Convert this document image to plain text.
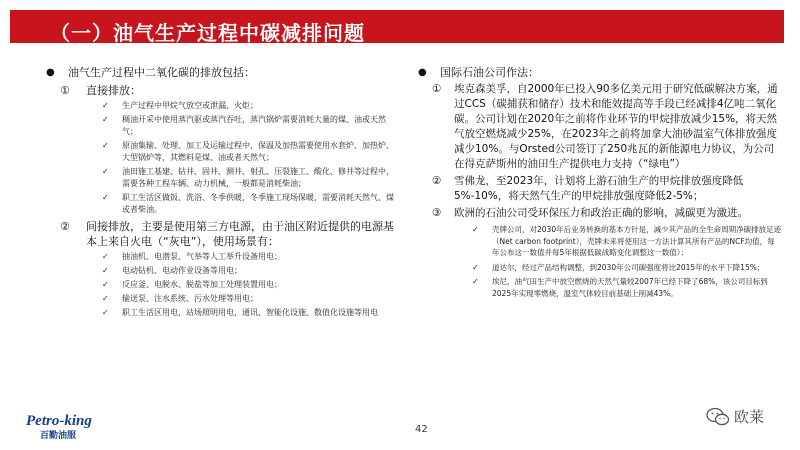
（一）油气生产过程中碳减排问题
●	油气生产过程中二氧化碳的排放包括：
①	直接排放：
✓	生产过程中甲烷气放空或泄漏、火炬；
✓	稠油开采中使用蒸汽驱或蒸汽吞吐，蒸汽锅炉需要消耗大量的煤、油或天然气；
✓	原油集输、处理、加工及运输过程中，保温及加热需要使用水套炉、加热炉、大型锅炉等，其燃料是煤、油或者天然气；
✓	油田施工基建、钻井、固井、测井、射孔、压裂施工、酸化、修井等过程中，需要各种工程车辆、动力机械，一般都是消耗柴油；
✓	职工生活区做饭、洗浴、冬季供暖，冬季施工现场保暖，需要消耗天然气、煤或者柴油。
②	间接排放，主要是使用第三方电源，由于油区附近提供的电源基本上来自火电（“灰电”），使用场景有：
✓	抽油机、电潜泵、气举等人工举升设备用电；
✓	电动钻机、电动作业设备等用电；
✓	反应釜、电脱水、脱盐等加工处理装置用电；
✓	输送泵、注水系统、污水处理等用电；
✓	职工生活区用电，站场照明用电，通讯、智能化设施、数值化设施等用电
●	国际石油公司作法：
①	埃克森美孚，自2000年已投入90多亿美元用于研究低碳解决方案，通过CCS（碳捕获和储存）技术和能效提高等手段已经减排4亿吨二氧化碳。公司计划在2020年之前将作业环节的甲烷排放减少15%，将天然气放空燃烧减少25%，在2023年之前将加拿大油砂温室气体排放强度减少10%。与Orsted公司签订了250兆瓦的新能源电力协议，为公司在得克萨斯州的油田生产提供电力支持（“绿电”）
②	雪佛龙，至2023年，计划将上游石油生产的甲烷排放强度降低5%-10%，将天然气生产的甲烷排放强度降低2-5%；
③	欧洲的石油公司受环保压力和政治正确的影响，减碳更为激进。
✓	壳牌公司，对2030年后业务转换的基本方针是，减少其产品的全生命周期净碳排放足迹（Net carbon footprint），壳牌未来将使用这一方法计算其所有产品的NCF均值，每年公布这一数值并每5年根据低碳战略变化调整这一数值）；
✓	道达尔，经过产品结构调整，到2030年公司碳强度将比2015年的水平下降15%；
✓	埃尼，油气田生产中放空燃烧的天然气量较2007年已经下降了68%，该公司目标到2025年实现零燃烧，温室气体较目前基础上削减43%。
Petro-king
百勤油服
42
欧莱
